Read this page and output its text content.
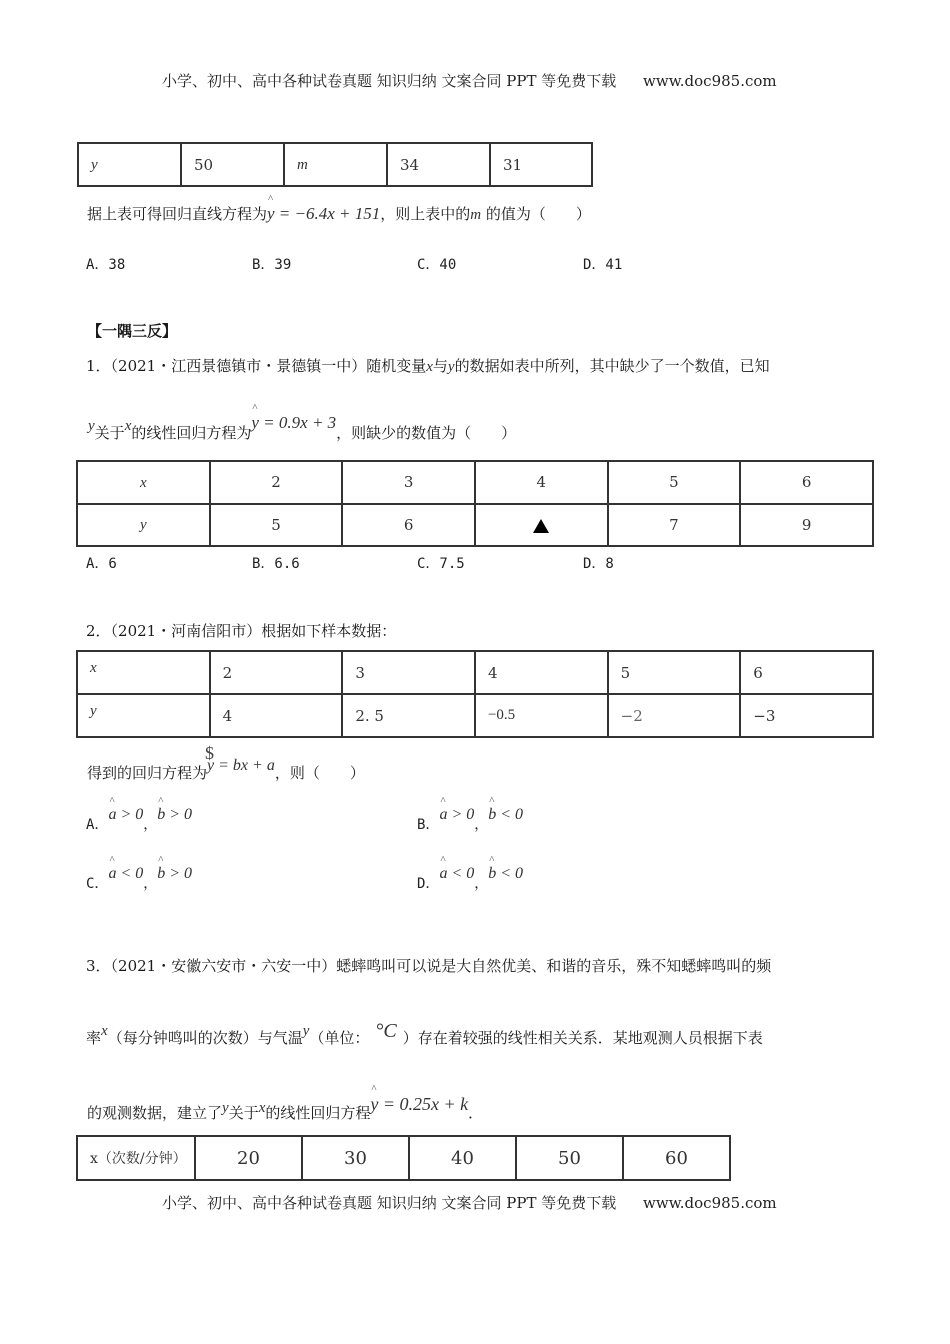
小学、初中、高中各种试卷真题 知识归纳 文案合同 PPT 等免费下载 www.doc985.com
y	50	m	34	31
据上表可得回归直线方程为^ y = −6.4x + 151，则上表中的m 的值为（　　）
A．38	B．39	C．40	D．41
【一隅三反】
1．（2021・江西景德镇市・景德镇一中）随机变量x与y的数据如表中所列，其中缺少了一个数值，已知
y关于x的线性回归方程为^ y = 0.9x + 3，则缺少的数值为（　　）
x	2	3	4	5	6
y	5	6		7	9
A．6	B．6.6	C．7.5	D．8
2．（2021・河南信阳市）根据如下样本数据：
x	2	3	4	5	6
y	4	2. 5	−0.5	−2	−3
得到的回归方程为$ y = bx + a，则（　　）
A．^ a > 0，^ b > 0
B．^ a > 0，^ b < 0
C．^ a < 0，^ b > 0
D．^ a < 0，^ b < 0
3．（2021・安徽六安市・六安一中）蟋蟀鸣叫可以说是大自然优美、和谐的音乐，殊不知蟋蟀鸣叫的频
率x（每分钟鸣叫的次数）与气温y（单位： °C ）存在着较强的线性相关关系．某地观测人员根据下表
的观测数据，建立了y关于x的线性回归方程^ y = 0.25x + k．
x（次数/分钟）	20	30	40	50	60
小学、初中、高中各种试卷真题 知识归纳 文案合同 PPT 等免费下载 www.doc985.com
